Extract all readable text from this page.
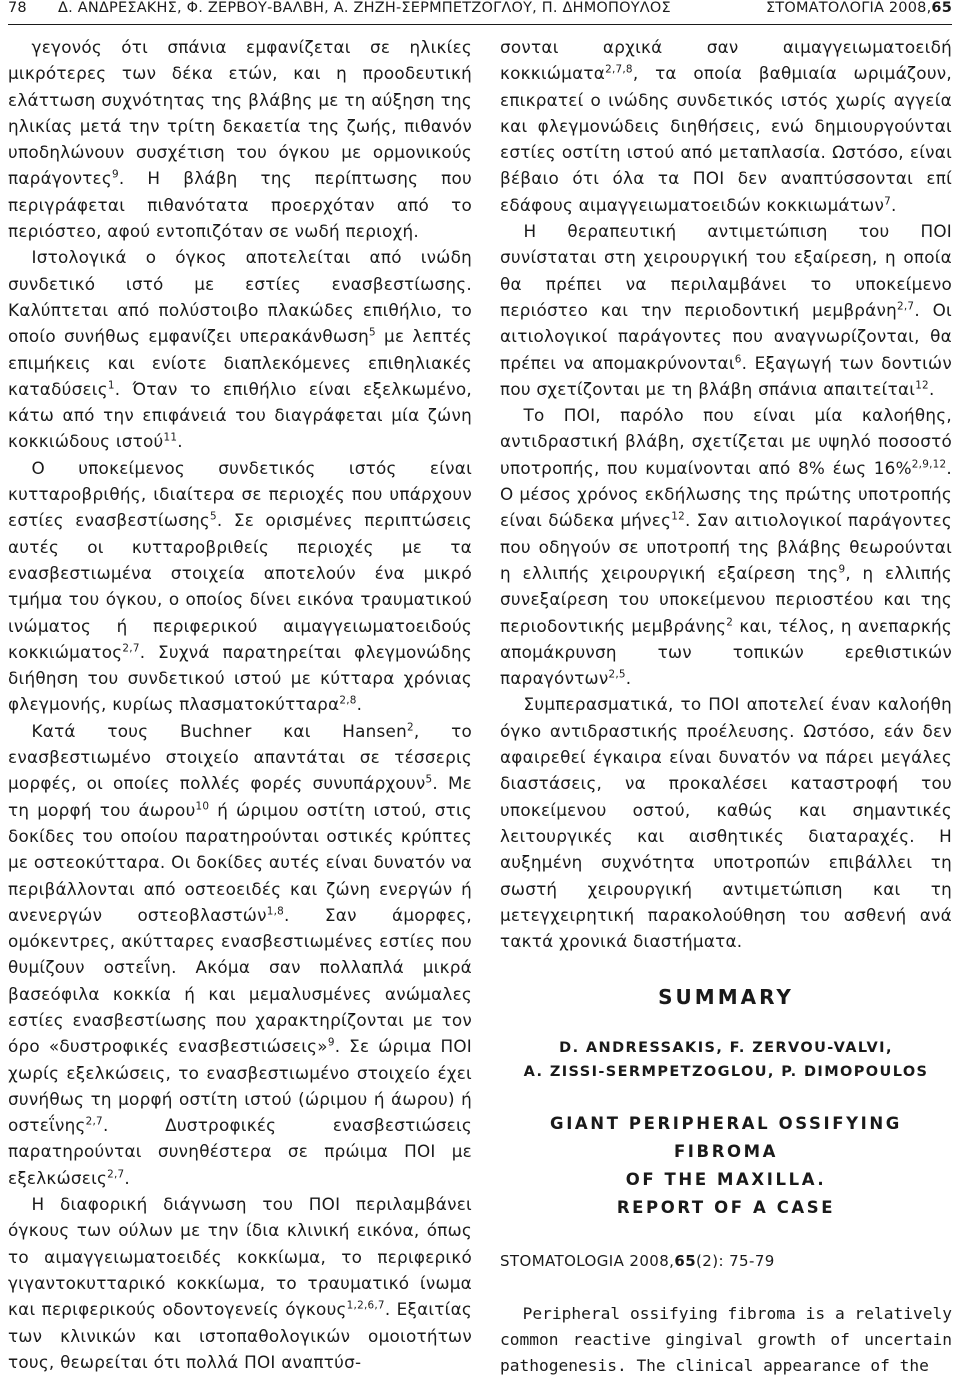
78 Δ. ΑΝΔΡΕΣΑΚΗΣ, Φ. ΖΕΡΒΟΥ-ΒΑΛΒΗ, Α. ΖΗΖΗ-ΣΕΡΜΠΕΤΖΟΓΛΟΥ, Π. ΔΗΜΟΠΟΥΛΟΣ	ΣΤΟΜΑΤΟΛΟΓΙΑ 2008,65

γεγονός ότι σπάνια εμφανίζεται σε ηλικίες μικρότερες των δέκα ετών, και η προοδευτική ελάττωση συχνότητας της βλάβης με τη αύξηση της ηλικίας μετά την τρίτη δεκαετία της ζωής, πιθανόν υποδηλώνουν συσχέτιση του όγκου με ορμονικούς παράγοντες$^9$. Η βλάβη της περίπτωσης που περιγράφεται πιθανότατα προερχόταν από το περιόστεο, αφού εντοπιζόταν σε νωδή περιοχή.

Ιστολογικά ο όγκος αποτελείται από ινώδη συνδετικό ιστό με εστίες ενασβεστίωσης. Καλύπτεται από πολύστοιβο πλακώδες επιθήλιο, το οποίο συνήθως εμφανίζει υπερακάνθωση$^5$ με λεπτές επιμήκεις και ενίοτε διαπλεκόμενες επιθηλιακές καταδύσεις$^1$. Όταν το επιθήλιο είναι εξελκωμένο, κάτω από την επιφάνειά του διαγράφεται μία ζώνη κοκκιώδους ιστού$^{11}$.

Ο υποκείμενος συνδετικός ιστός είναι κυτταροβριθής, ιδιαίτερα σε περιοχές που υπάρχουν εστίες ενασβεστίωσης$^5$. Σε ορισμένες περιπτώσεις αυτές οι κυτταροβριθείς περιοχές με τα ενασβεστιωμένα στοιχεία αποτελούν ένα μικρό τμήμα του όγκου, ο οποίος δίνει εικόνα τραυματικού ινώματος ή περιφερικού αιμαγγειωματοειδούς κοκκιώματος$^{2,7}$. Συχνά παρατηρείται φλεγμονώδης διήθηση του συνδετικού ιστού με κύτταρα χρόνιας φλεγμονής, κυρίως πλασματοκύτταρα$^{2,8}$.

Κατά τους Buchner και Hansen$^2$, το ενασβεστιωμένο στοιχείο απαντάται σε τέσσερις μορφές, οι οποίες πολλές φορές συνυπάρχουν$^5$. Με τη μορφή του άωρου$^{10}$ ή ώριμου οστίτη ιστού, στις δοκίδες του οποίου παρατηρούνται οστικές κρύπτες με οστεοκύτταρα. Οι δοκίδες αυτές είναι δυνατόν να περιβάλλονται από οστεοειδές και ζώνη ενεργών ή ανενεργών οστεοβλαστών$^{1,8}$. Σαν άμορφες, ομόκεντρες, ακύτταρες ενασβεστιωμένες εστίες που θυμίζουν οστεΐνη. Ακόμα σαν πολλαπλά μικρά βασεόφιλα κοκκία ή και μεμαλυσμένες ανώμαλες εστίες ενασβεστίωσης που χαρακτηρίζονται με τον όρο «δυστροφικές ενασβεστιώσεις»$^9$. Σε ώριμα ΠΟΙ χωρίς εξελκώσεις, το ενασβεστιωμένο στοιχείο έχει συνήθως τη μορφή οστίτη ιστού (ώριμου ή άωρου) ή οστεΐνης$^{2,7}$. Δυστροφικές ενασβεστιώσεις παρατηρούνται συνηθέστερα σε πρώιμα ΠΟΙ με εξελκώσεις$^{2,7}$.

Η διαφορική διάγνωση του ΠΟΙ περιλαμβάνει όγκους των ούλων με την ίδια κλινική εικόνα, όπως το αιμαγγειωματοειδές κοκκίωμα, το περιφερικό γιγαντοκυτταρικό κοκκίωμα, το τραυματικό ίνωμα και περιφερικούς οδοντογενείς όγκους$^{1,2,6,7}$. Εξαιτίας των κλινικών και ιστοπαθολογικών ομοιοτήτων τους, θεωρείται ότι πολλά ΠΟΙ αναπτύσ-

σονται αρχικά σαν αιμαγγειωματοειδή κοκκιώματα$^{2,7,8}$, τα οποία βαθμιαία ωριμάζουν, επικρατεί ο ινώδης συνδετικός ιστός χωρίς αγγεία και φλεγμονώδεις διηθήσεις, ενώ δημιουργούνται εστίες οστίτη ιστού από μεταπλασία. Ωστόσο, είναι βέβαιο ότι όλα τα ΠΟΙ δεν αναπτύσσονται επί εδάφους αιμαγγειωματοειδών κοκκιωμάτων$^7$.

Η θεραπευτική αντιμετώπιση του ΠΟΙ συνίσταται στη χειρουργική του εξαίρεση, η οποία θα πρέπει να περιλαμβάνει το υποκείμενο περιόστεο και την περιοδοντική μεμβράνη$^{2,7}$. Οι αιτιολογικοί παράγοντες που αναγνωρίζονται, θα πρέπει να απομακρύνονται$^6$. Εξαγωγή των δοντιών που σχετίζονται με τη βλάβη σπάνια απαιτείται$^{12}$.

Το ΠΟΙ, παρόλο που είναι μία καλοήθης, αντιδραστική βλάβη, σχετίζεται με υψηλό ποσοστό υποτροπής, που κυμαίνονται από 8% έως 16%$^{2,9,12}$. Ο μέσος χρόνος εκδήλωσης της πρώτης υποτροπής είναι δώδεκα μήνες$^{12}$. Σαν αιτιολογικοί παράγοντες που οδηγούν σε υποτροπή της βλάβης θεωρούνται η ελλιπής χειρουργική εξαίρεση της$^9$, η ελλιπής συνεξαίρεση του υποκείμενου περιοστέου και της περιοδοντικής μεμβράνης$^2$ και, τέλος, η ανεπαρκής απομάκρυνση των τοπικών ερεθιστικών παραγόντων$^{2,5}$.

Συμπερασματικά, το ΠΟΙ αποτελεί έναν καλοήθη όγκο αντιδραστικής προέλευσης. Ωστόσο, εάν δεν αφαιρεθεί έγκαιρα είναι δυνατόν να πάρει μεγάλες διαστάσεις, να προκαλέσει καταστροφή του υποκείμενου οστού, καθώς και σημαντικές λειτουργικές και αισθητικές διαταραχές. Η αυξημένη συχνότητα υποτροπών επιβάλλει τη σωστή χειρουργική αντιμετώπιση και τη μετεγχειρητική παρακολούθηση του ασθενή ανά τακτά χρονικά διαστήματα.

SUMMARY
D. ANDRESSAKIS, F. ZERVOU-VALVI,
A. ZISSI-SERMPETZOGLOU, P. DIMOPOULOS
GIANT PERIPHERAL OSSIFYING FIBROMA
OF THE MAXILLA.
REPORT OF A CASE
STOMATOLOGIA 2008,65(2): 75-79

Peripheral ossifying fibroma is a relatively common reactive gingival growth of uncertain pathogenesis. The clinical appearance of the
